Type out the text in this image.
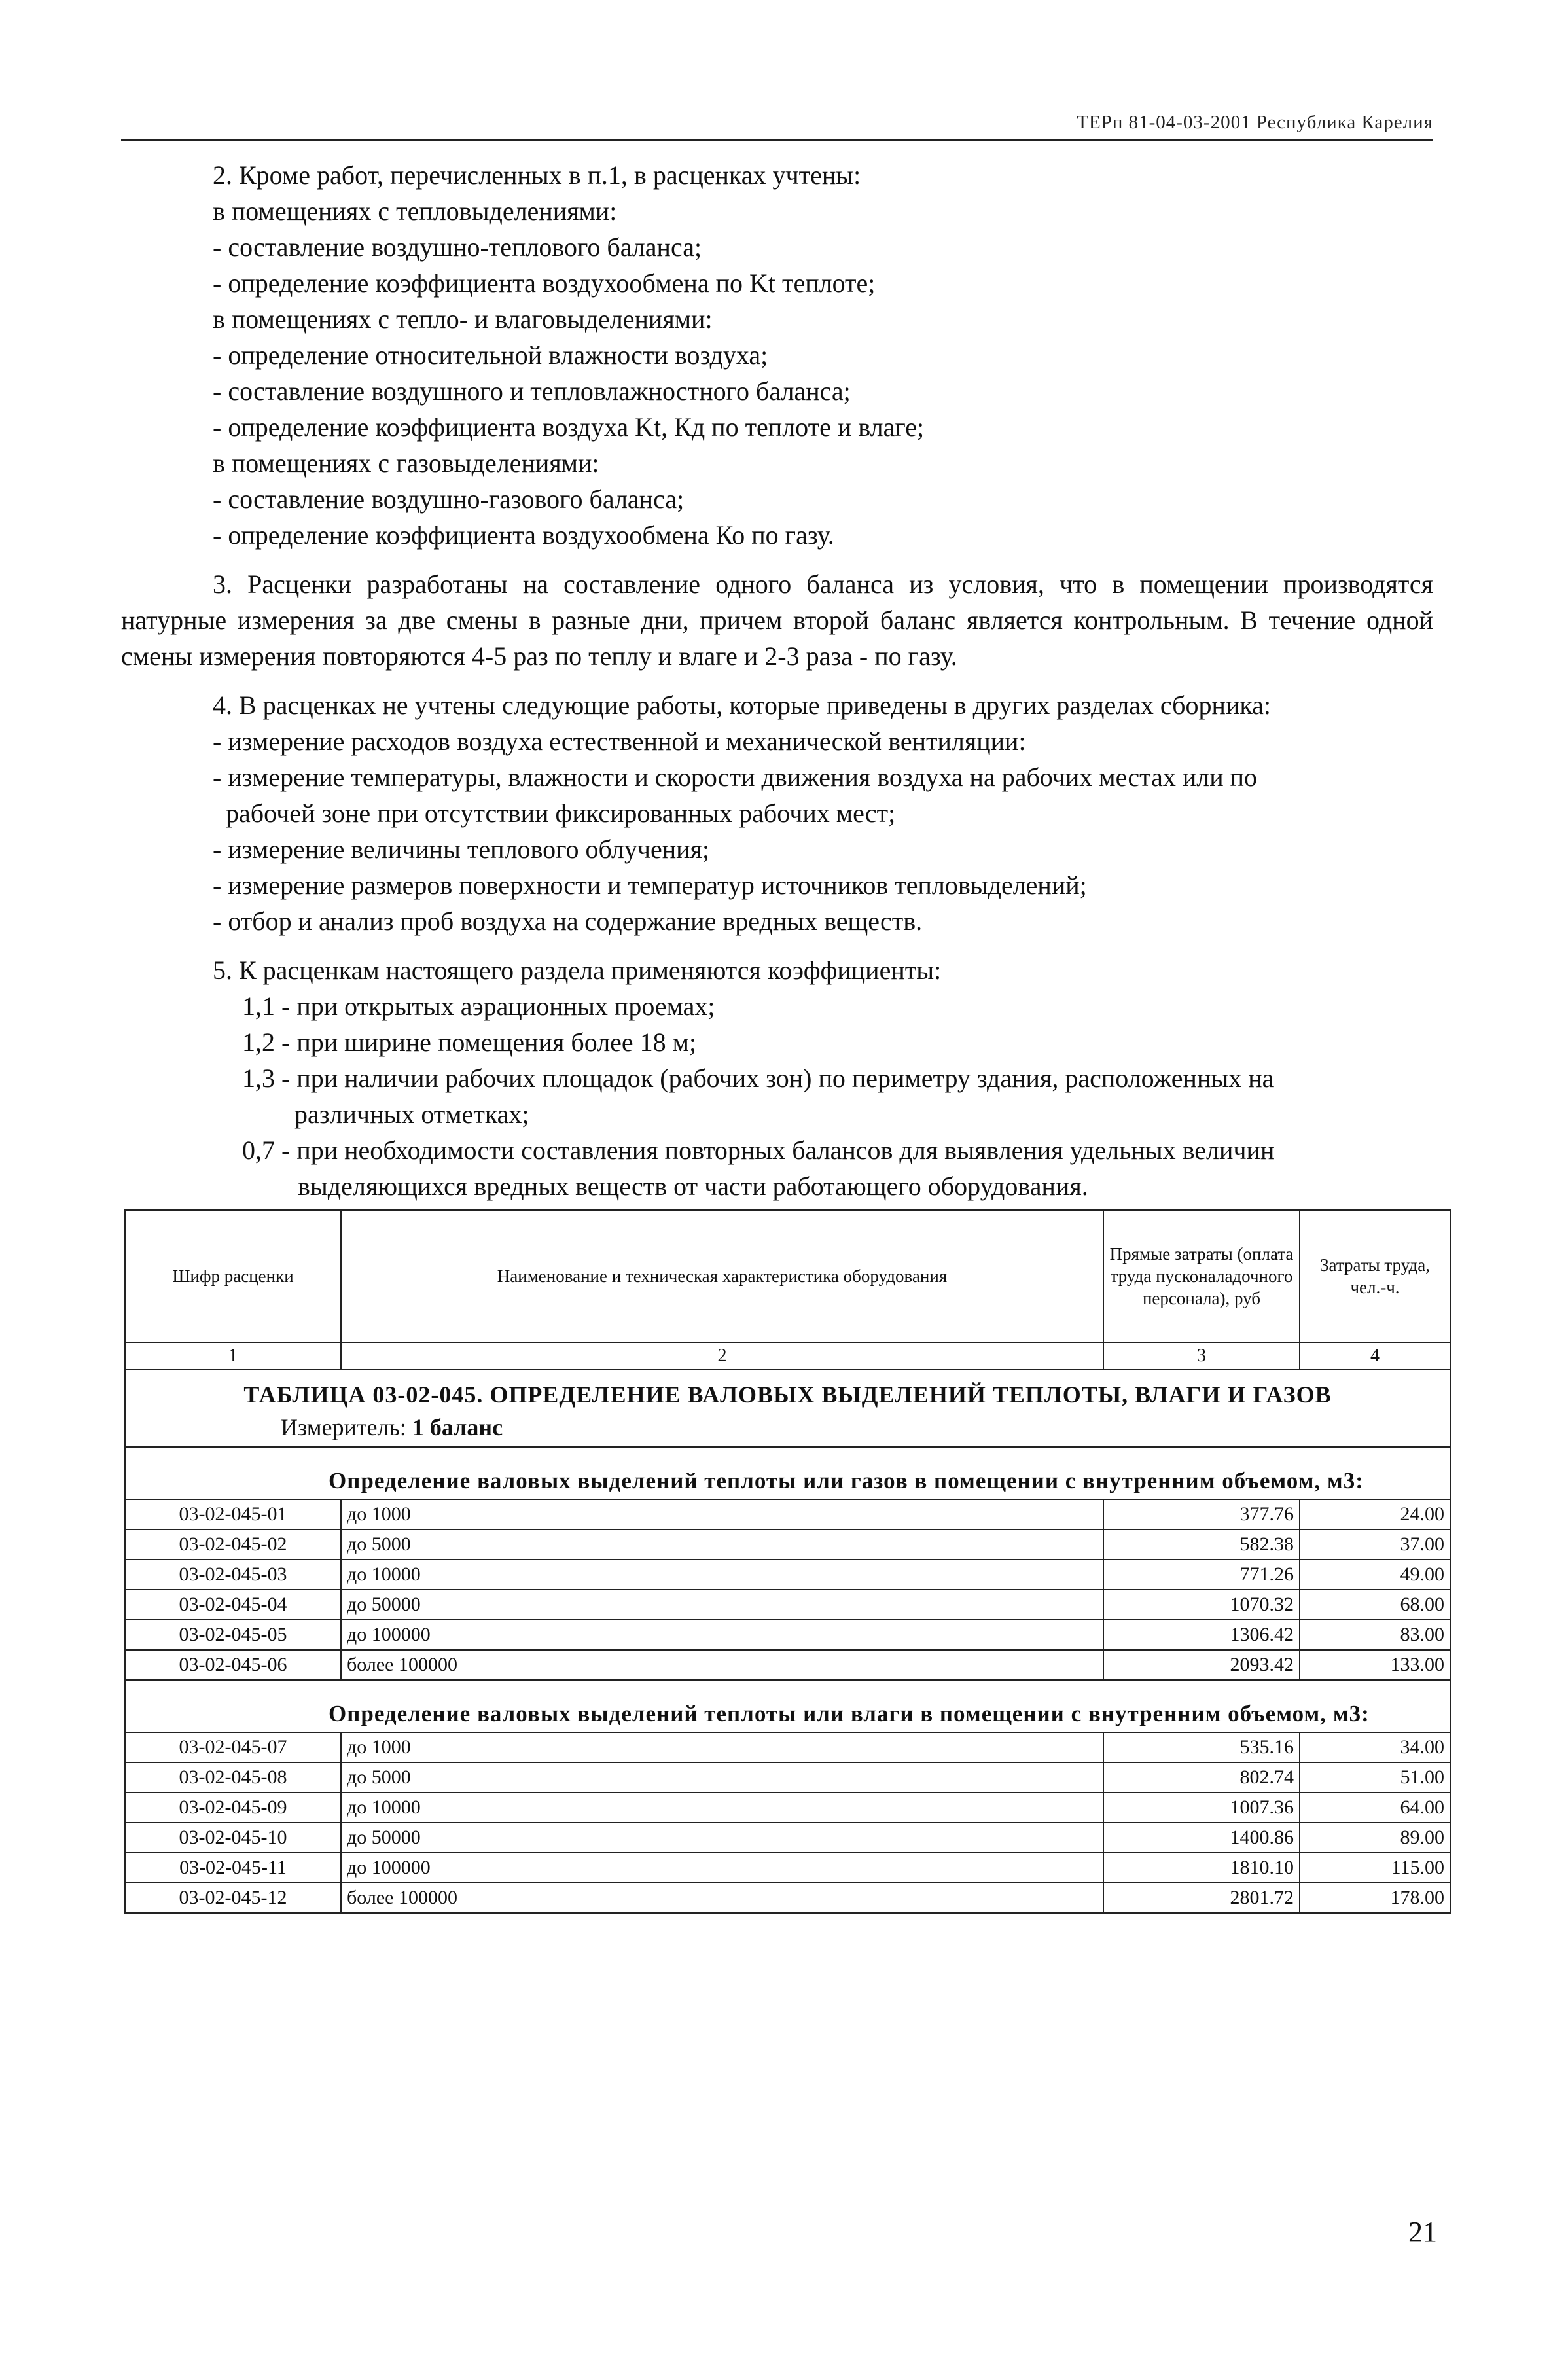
ТЕРп 81-04-03-2001 Республика Карелия

2. Кроме работ, перечисленных в п.1, в расценках учтены:

в помещениях с тепловыделениями:

- составление воздушно-теплового баланса;

- определение коэффициента воздухообмена по Kt теплоте;

в помещениях с тепло- и влаговыделениями:

- определение относительной влажности воздуха;

- составление воздушного и тепловлажностного баланса;

- определение коэффициента воздуха Kt, Кд по теплоте и влаге;

в помещениях с газовыделениями:

- составление воздушно-газового баланса;

- определение коэффициента воздухообмена Ко по газу.

3. Расценки разработаны на составление одного баланса из условия, что в помещении производятся натурные измерения за две смены в разные дни, причем второй баланс является контрольным. В течение одной смены измерения повторяются 4-5 раз по теплу и влаге и 2-3 раза - по газу.

4. В расценках не учтены следующие работы, которые приведены в других разделах сборника:

- измерение расходов воздуха естественной и механической вентиляции:

- измерение температуры, влажности и скорости движения воздуха на рабочих местах или по

рабочей зоне при отсутствии фиксированных рабочих мест;

- измерение величины теплового облучения;

- измерение размеров поверхности и температур источников тепловыделений;

- отбор и анализ проб воздуха на содержание вредных веществ.

5. К расценкам настоящего раздела применяются коэффициенты:

1,1 - при открытых аэрационных проемах;

1,2 - при ширине помещения более 18 м;

1,3 - при наличии рабочих площадок (рабочих зон) по периметру здания, расположенных на

различных отметках;

0,7 - при необходимости составления повторных балансов для выявления удельных величин

выделяющихся вредных веществ от части работающего оборудования.

Шифр расценки	Наименование и техническая характеристика оборудования	Прямые затраты (оплата труда пусконаладочного персонала), руб	Затраты труда, чел.-ч.
1	2	3	4

ТАБЛИЦА 03-02-045. ОПРЕДЕЛЕНИЕ ВАЛОВЫХ ВЫДЕЛЕНИЙ ТЕПЛОТЫ, ВЛАГИ И ГАЗОВ
Измеритель: 1 баланс			

Определение валовых выделений теплоты или газов в помещении с внутренним объемом, м3:			
03-02-045-01	до 1000	377.76	24.00
03-02-045-02	до 5000	582.38	37.00
03-02-045-03	до 10000	771.26	49.00
03-02-045-04	до 50000	1070.32	68.00
03-02-045-05	до 100000	1306.42	83.00
03-02-045-06	более 100000	2093.42	133.00
Определение валовых выделений теплоты или влаги в помещении с внутренним объемом, м3:			
03-02-045-07	до 1000	535.16	34.00
03-02-045-08	до 5000	802.74	51.00
03-02-045-09	до 10000	1007.36	64.00
03-02-045-10	до 50000	1400.86	89.00
03-02-045-11	до 100000	1810.10	115.00
03-02-045-12	более 100000	2801.72	178.00
21
